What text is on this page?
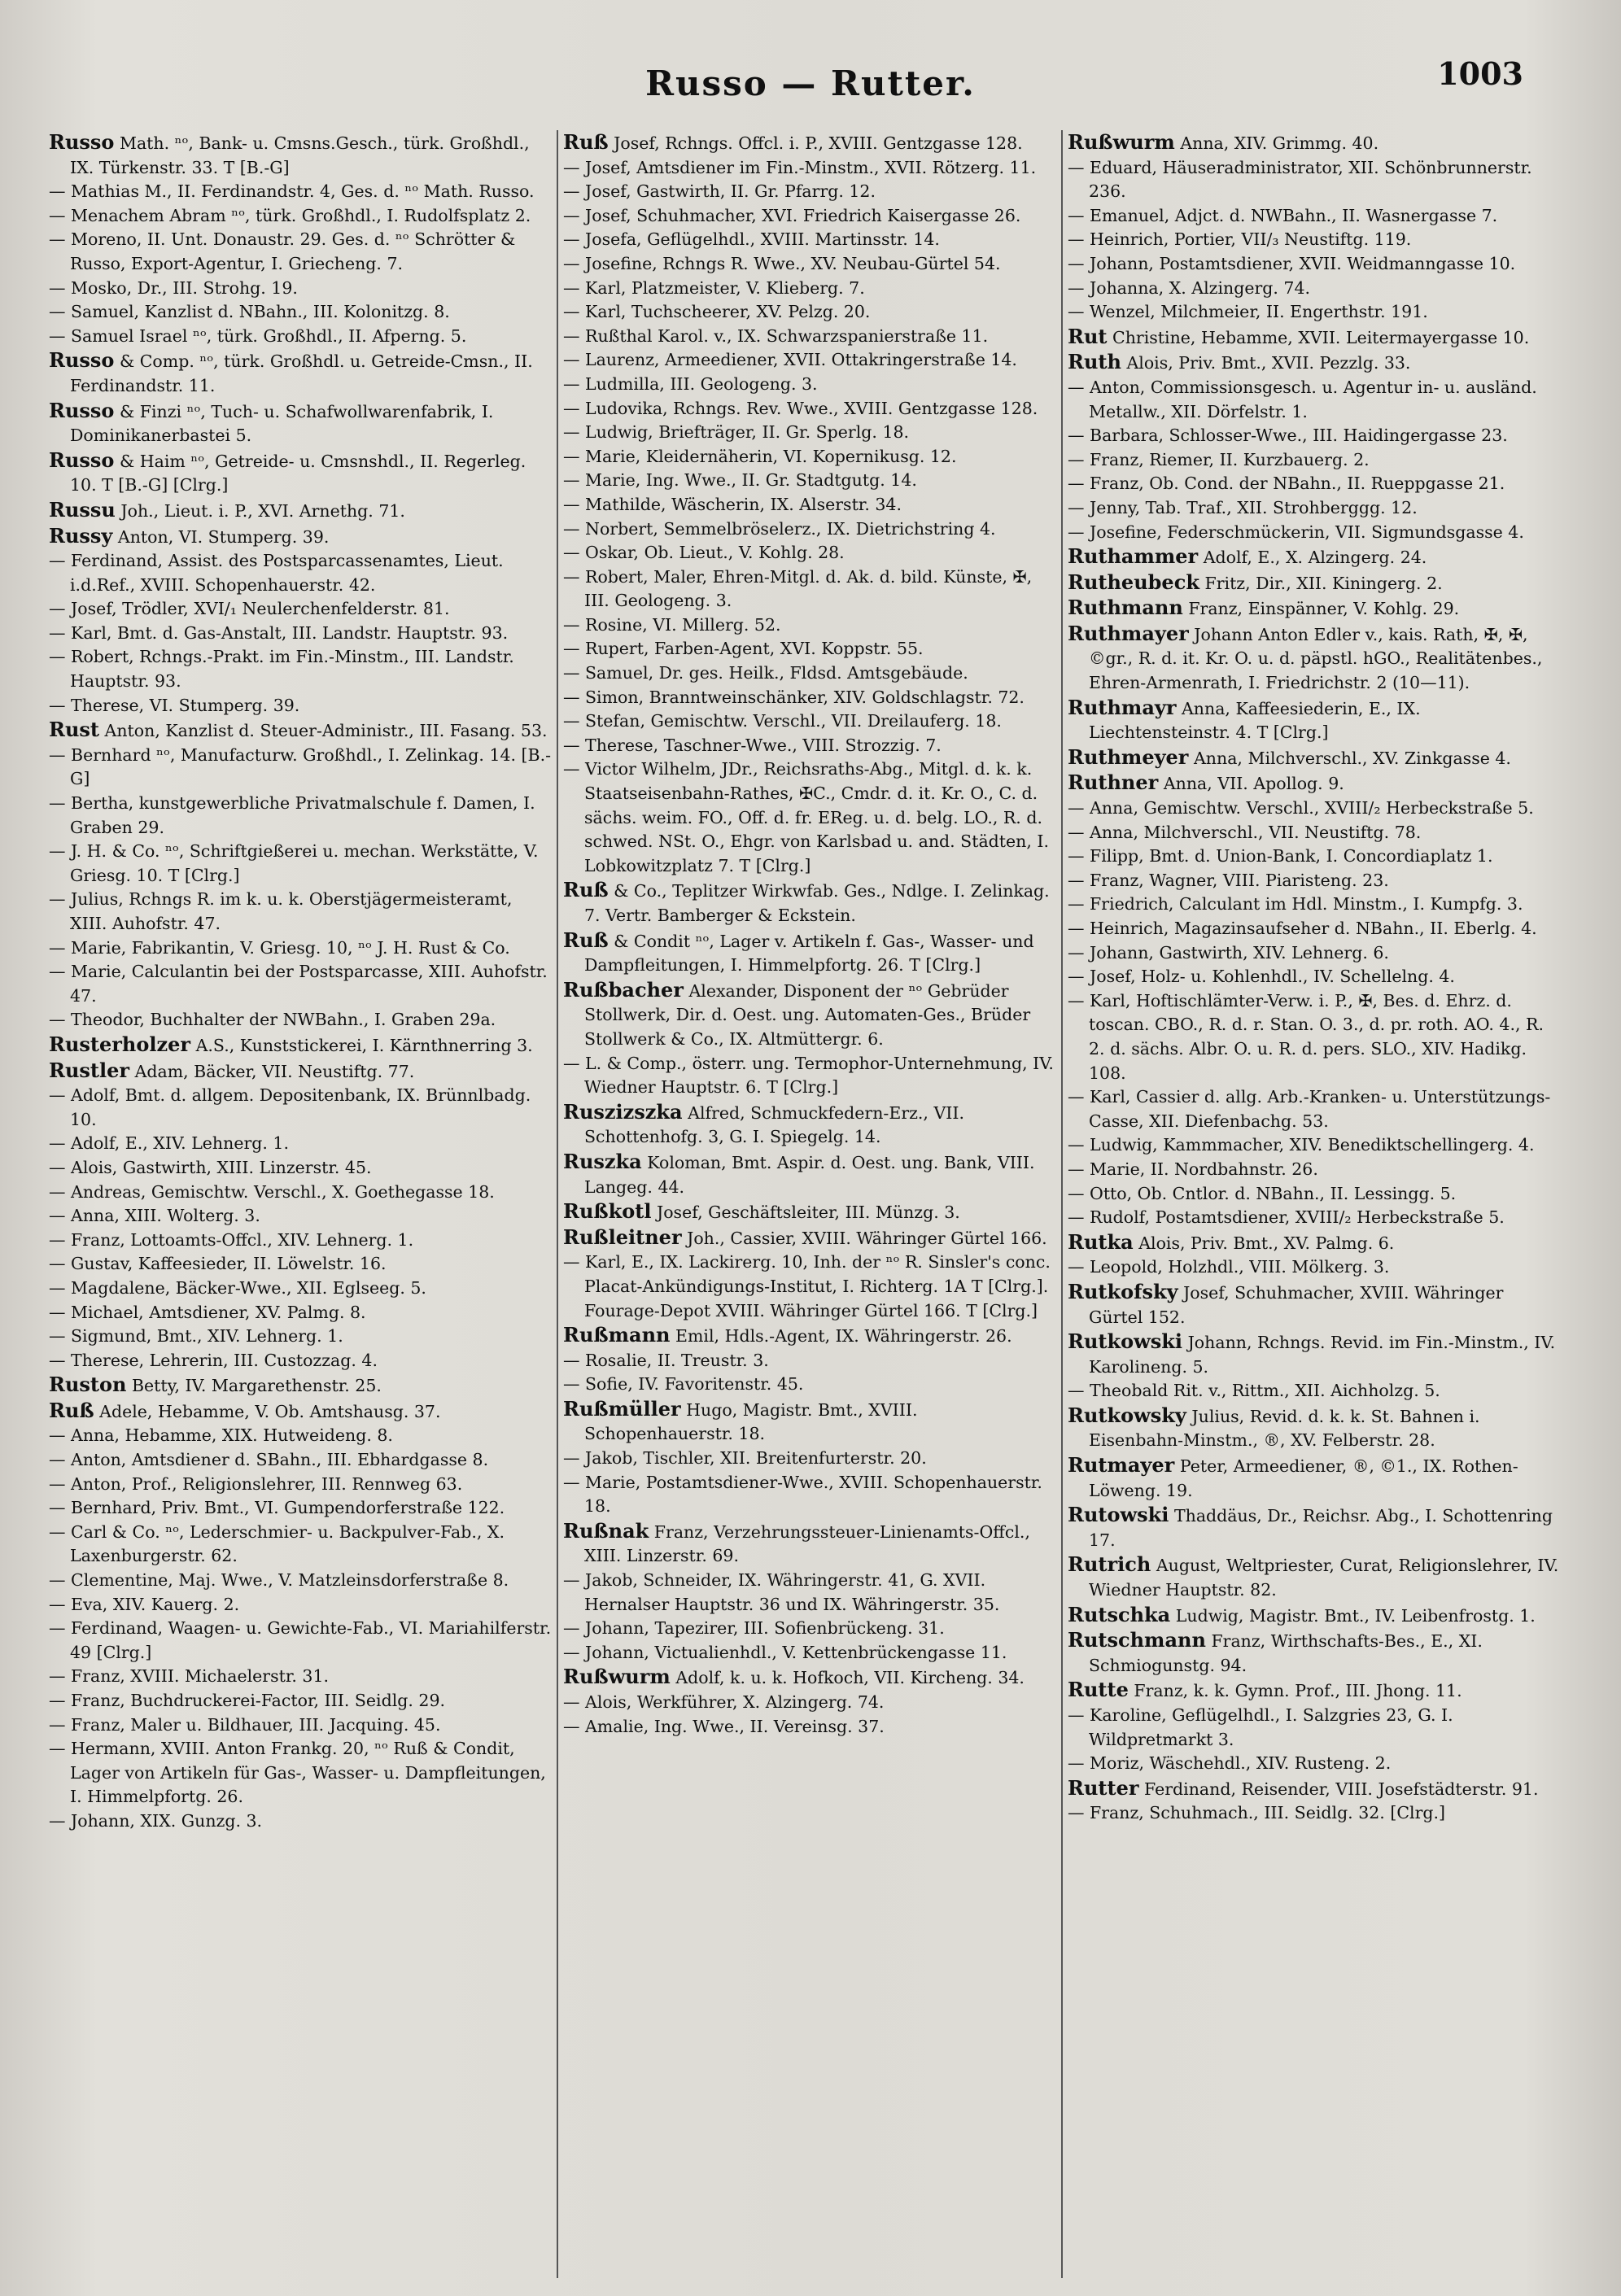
Russo — Rutter.	1003

Russo Math. ⁿᵒ, Bank- u. Cmsns.Gesch., türk. Großhdl., IX. Türkenstr. 33. T [B.-G]

— Mathias M., II. Ferdinandstr. 4, Ges. d. ⁿᵒ Math. Russo.

— Menachem Abram ⁿᵒ, türk. Großhdl., I. Rudolfsplatz 2.

— Moreno, II. Unt. Donaustr. 29. Ges. d. ⁿᵒ Schrötter & Russo, Export-Agentur, I. Griecheng. 7.

— Mosko, Dr., III. Strohg. 19.

— Samuel, Kanzlist d. NBahn., III. Kolonitzg. 8.

— Samuel Israel ⁿᵒ, türk. Großhdl., II. Afperng. 5.

Russo & Comp. ⁿᵒ, türk. Großhdl. u. Getreide-Cmsn., II. Ferdinandstr. 11.

Russo & Finzi ⁿᵒ, Tuch- u. Schafwollwarenfabrik, I. Dominikanerbastei 5.

Russo & Haim ⁿᵒ, Getreide- u. Cmsnshdl., II. Regerleg. 10. T [B.-G] [Clrg.]

Russu Joh., Lieut. i. P., XVI. Arnethg. 71.

Russy Anton, VI. Stumperg. 39.

— Ferdinand, Assist. des Postsparcassenamtes, Lieut. i.d.Ref., XVIII. Schopenhauerstr. 42.

— Josef, Trödler, XVI/₁ Neulerchenfelderstr. 81.

— Karl, Bmt. d. Gas-Anstalt, III. Landstr. Hauptstr. 93.

— Robert, Rchngs.-Prakt. im Fin.-Minstm., III. Landstr. Hauptstr. 93.

— Therese, VI. Stumperg. 39.

Rust Anton, Kanzlist d. Steuer-Administr., III. Fasang. 53.

— Bernhard ⁿᵒ, Manufacturw. Großhdl., I. Zelinkag. 14. [B.-G]

— Bertha, kunstgewerbliche Privatmalschule f. Damen, I. Graben 29.

— J. H. & Co. ⁿᵒ, Schriftgießerei u. mechan. Werkstätte, V. Griesg. 10. T [Clrg.]

— Julius, Rchngs R. im k. u. k. Oberstjägermeisteramt, XIII. Auhofstr. 47.

— Marie, Fabrikantin, V. Griesg. 10, ⁿᵒ J. H. Rust & Co.

— Marie, Calculantin bei der Postsparcasse, XIII. Auhofstr. 47.

— Theodor, Buchhalter der NWBahn., I. Graben 29a.

Rusterholzer A.S., Kunststickerei, I. Kärnthnerring 3.

Rustler Adam, Bäcker, VII. Neustiftg. 77.

— Adolf, Bmt. d. allgem. Depositenbank, IX. Brünnlbadg. 10.

— Adolf, E., XIV. Lehnerg. 1.

— Alois, Gastwirth, XIII. Linzerstr. 45.

— Andreas, Gemischtw. Verschl., X. Goethegasse 18.

— Anna, XIII. Wolterg. 3.

— Franz, Lottoamts-Offcl., XIV. Lehnerg. 1.

— Gustav, Kaffeesieder, II. Löwelstr. 16.

— Magdalene, Bäcker-Wwe., XII. Eglseeg. 5.

— Michael, Amtsdiener, XV. Palmg. 8.

— Sigmund, Bmt., XIV. Lehnerg. 1.

— Therese, Lehrerin, III. Custozzag. 4.

Ruston Betty, IV. Margarethenstr. 25.

Ruß Adele, Hebamme, V. Ob. Amtshausg. 37.

— Anna, Hebamme, XIX. Hutweideng. 8.

— Anton, Amtsdiener d. SBahn., III. Ebhardgasse 8.

— Anton, Prof., Religionslehrer, III. Rennweg 63.

— Bernhard, Priv. Bmt., VI. Gumpendorferstraße 122.

— Carl & Co. ⁿᵒ, Lederschmier- u. Backpulver-Fab., X. Laxenburgerstr. 62.

— Clementine, Maj. Wwe., V. Matzleinsdorferstraße 8.

— Eva, XIV. Kauerg. 2.

— Ferdinand, Waagen- u. Gewichte-Fab., VI. Mariahilferstr. 49 [Clrg.]

— Franz, XVIII. Michaelerstr. 31.

— Franz, Buchdruckerei-Factor, III. Seidlg. 29.

— Franz, Maler u. Bildhauer, III. Jacquing. 45.

— Hermann, XVIII. Anton Frankg. 20, ⁿᵒ Ruß & Condit, Lager von Artikeln für Gas-, Wasser- u. Dampfleitungen, I. Himmelpfortg. 26.

— Johann, XIX. Gunzg. 3.

Ruß Josef, Rchngs. Offcl. i. P., XVIII. Gentzgasse 128.

— Josef, Amtsdiener im Fin.-Minstm., XVII. Rötzerg. 11.

— Josef, Gastwirth, II. Gr. Pfarrg. 12.

— Josef, Schuhmacher, XVI. Friedrich Kaisergasse 26.

— Josefa, Geflügelhdl., XVIII. Martinsstr. 14.

— Josefine, Rchngs R. Wwe., XV. Neubau-Gürtel 54.

— Karl, Platzmeister, V. Klieberg. 7.

— Karl, Tuchscheerer, XV. Pelzg. 20.

— Rußthal Karol. v., IX. Schwarzspanierstraße 11.

— Laurenz, Armeediener, XVII. Ottakringerstraße 14.

— Ludmilla, III. Geologeng. 3.

— Ludovika, Rchngs. Rev. Wwe., XVIII. Gentzgasse 128.

— Ludwig, Briefträger, II. Gr. Sperlg. 18.

— Marie, Kleidernäherin, VI. Kopernikusg. 12.

— Marie, Ing. Wwe., II. Gr. Stadtgutg. 14.

— Mathilde, Wäscherin, IX. Alserstr. 34.

— Norbert, Semmelbröselerz., IX. Dietrichstring 4.

— Oskar, Ob. Lieut., V. Kohlg. 28.

— Robert, Maler, Ehren-Mitgl. d. Ak. d. bild. Künste, ✠, III. Geologeng. 3.

— Rosine, VI. Millerg. 52.

— Rupert, Farben-Agent, XVI. Koppstr. 55.

— Samuel, Dr. ges. Heilk., Fldsd. Amtsgebäude.

— Simon, Branntweinschänker, XIV. Goldschlagstr. 72.

— Stefan, Gemischtw. Verschl., VII. Dreilauferg. 18.

— Therese, Taschner-Wwe., VIII. Strozzig. 7.

— Victor Wilhelm, JDr., Reichsraths-Abg., Mitgl. d. k. k. Staatseisenbahn-Rathes, ✠C., Cmdr. d. it. Kr. O., C. d. sächs. weim. FO., Off. d. fr. EReg. u. d. belg. LO., R. d. schwed. NSt. O., Ehgr. von Karlsbad u. and. Städten, I. Lobkowitzplatz 7. T [Clrg.]

Ruß & Co., Teplitzer Wirkwfab. Ges., Ndlge. I. Zelinkag. 7. Vertr. Bamberger & Eckstein.

Ruß & Condit ⁿᵒ, Lager v. Artikeln f. Gas-, Wasser- und Dampfleitungen, I. Himmelpfortg. 26. T [Clrg.]

Rußbacher Alexander, Disponent der ⁿᵒ Gebrüder Stollwerk, Dir. d. Oest. ung. Automaten-Ges., Brüder Stollwerk & Co., IX. Altmüttergr. 6.

— L. & Comp., österr. ung. Termophor-Unternehmung, IV. Wiedner Hauptstr. 6. T [Clrg.]

Ruszizszka Alfred, Schmuckfedern-Erz., VII. Schottenhofg. 3, G. I. Spiegelg. 14.

Ruszka Koloman, Bmt. Aspir. d. Oest. ung. Bank, VIII. Langeg. 44.

Rußkotl Josef, Geschäftsleiter, III. Münzg. 3.

Rußleitner Joh., Cassier, XVIII. Währinger Gürtel 166.

— Karl, E., IX. Lackirerg. 10, Inh. der ⁿᵒ R. Sinsler's conc. Placat-Ankündigungs-Institut, I. Richterg. 1A T [Clrg.]. Fourage-Depot XVIII. Währinger Gürtel 166. T [Clrg.]

Rußmann Emil, Hdls.-Agent, IX. Währingerstr. 26.

— Rosalie, II. Treustr. 3.

— Sofie, IV. Favoritenstr. 45.

Rußmüller Hugo, Magistr. Bmt., XVIII. Schopenhauerstr. 18.

— Jakob, Tischler, XII. Breitenfurterstr. 20.

— Marie, Postamtsdiener-Wwe., XVIII. Schopenhauerstr. 18.

Rußnak Franz, Verzehrungssteuer-Linienamts-Offcl., XIII. Linzerstr. 69.

— Jakob, Schneider, IX. Währingerstr. 41, G. XVII. Hernalser Hauptstr. 36 und IX. Währingerstr. 35.

— Johann, Tapezirer, III. Sofienbrückeng. 31.

— Johann, Victualienhdl., V. Kettenbrückengasse 11.

Rußwurm Adolf, k. u. k. Hofkoch, VII. Kircheng. 34.

— Alois, Werkführer, X. Alzingerg. 74.

— Amalie, Ing. Wwe., II. Vereinsg. 37.

Rußwurm Anna, XIV. Grimmg. 40.

— Eduard, Häuseradministrator, XII. Schönbrunnerstr. 236.

— Emanuel, Adjct. d. NWBahn., II. Wasnergasse 7.

— Heinrich, Portier, VII/₃ Neustiftg. 119.

— Johann, Postamtsdiener, XVII. Weidmanngasse 10.

— Johanna, X. Alzingerg. 74.

— Wenzel, Milchmeier, II. Engerthstr. 191.

Rut Christine, Hebamme, XVII. Leitermayergasse 10.

Ruth Alois, Priv. Bmt., XVII. Pezzlg. 33.

— Anton, Commissionsgesch. u. Agentur in- u. ausländ. Metallw., XII. Dörfelstr. 1.

— Barbara, Schlosser-Wwe., III. Haidingergasse 23.

— Franz, Riemer, II. Kurzbauerg. 2.

— Franz, Ob. Cond. der NBahn., II. Rueppgasse 21.

— Jenny, Tab. Traf., XII. Strohberggg. 12.

— Josefine, Federschmückerin, VII. Sigmundsgasse 4.

Ruthammer Adolf, E., X. Alzingerg. 24.

Rutheubeck Fritz, Dir., XII. Kiningerg. 2.

Ruthmann Franz, Einspänner, V. Kohlg. 29.

Ruthmayer Johann Anton Edler v., kais. Rath, ✠, ✠, ©gr., R. d. it. Kr. O. u. d. päpstl. hGO., Realitätenbes., Ehren-Armenrath, I. Friedrichstr. 2 (10—11).

Ruthmayr Anna, Kaffeesiederin, E., IX. Liechtensteinstr. 4. T [Clrg.]

Ruthmeyer Anna, Milchverschl., XV. Zinkgasse 4.

Ruthner Anna, VII. Apollog. 9.

— Anna, Gemischtw. Verschl., XVIII/₂ Herbeckstraße 5.

— Anna, Milchverschl., VII. Neustiftg. 78.

— Filipp, Bmt. d. Union-Bank, I. Concordiaplatz 1.

— Franz, Wagner, VIII. Piaristeng. 23.

— Friedrich, Calculant im Hdl. Minstm., I. Kumpfg. 3.

— Heinrich, Magazinsaufseher d. NBahn., II. Eberlg. 4.

— Johann, Gastwirth, XIV. Lehnerg. 6.

— Josef, Holz- u. Kohlenhdl., IV. Schellelng. 4.

— Karl, Hoftischlämter-Verw. i. P., ✠, Bes. d. Ehrz. d. toscan. CBO., R. d. r. Stan. O. 3., d. pr. roth. AO. 4., R. 2. d. sächs. Albr. O. u. R. d. pers. SLO., XIV. Hadikg. 108.

— Karl, Cassier d. allg. Arb.-Kranken- u. Unterstützungs-Casse, XII. Diefenbachg. 53.

— Ludwig, Kammmacher, XIV. Benediktschellingerg. 4.

— Marie, II. Nordbahnstr. 26.

— Otto, Ob. Cntlor. d. NBahn., II. Lessingg. 5.

— Rudolf, Postamtsdiener, XVIII/₂ Herbeckstraße 5.

Rutka Alois, Priv. Bmt., XV. Palmg. 6.

— Leopold, Holzhdl., VIII. Mölkerg. 3.

Rutkofsky Josef, Schuhmacher, XVIII. Währinger Gürtel 152.

Rutkowski Johann, Rchngs. Revid. im Fin.-Minstm., IV. Karolineng. 5.

— Theobald Rit. v., Rittm., XII. Aichholzg. 5.

Rutkowsky Julius, Revid. d. k. k. St. Bahnen i. Eisenbahn-Minstm., ®, XV. Felberstr. 28.

Rutmayer Peter, Armeediener, ®, ©1., IX. Rothen-Löweng. 19.

Rutowski Thaddäus, Dr., Reichsr. Abg., I. Schottenring 17.

Rutrich August, Weltpriester, Curat, Religionslehrer, IV. Wiedner Hauptstr. 82.

Rutschka Ludwig, Magistr. Bmt., IV. Leibenfrostg. 1.

Rutschmann Franz, Wirthschafts-Bes., E., XI. Schmiogunstg. 94.

Rutte Franz, k. k. Gymn. Prof., III. Jhong. 11.

— Karoline, Geflügelhdl., I. Salzgries 23, G. I. Wildpretmarkt 3.

— Moriz, Wäschehdl., XIV. Rusteng. 2.

Rutter Ferdinand, Reisender, VIII. Josefstädterstr. 91.

— Franz, Schuhmach., III. Seidlg. 32. [Clrg.]
